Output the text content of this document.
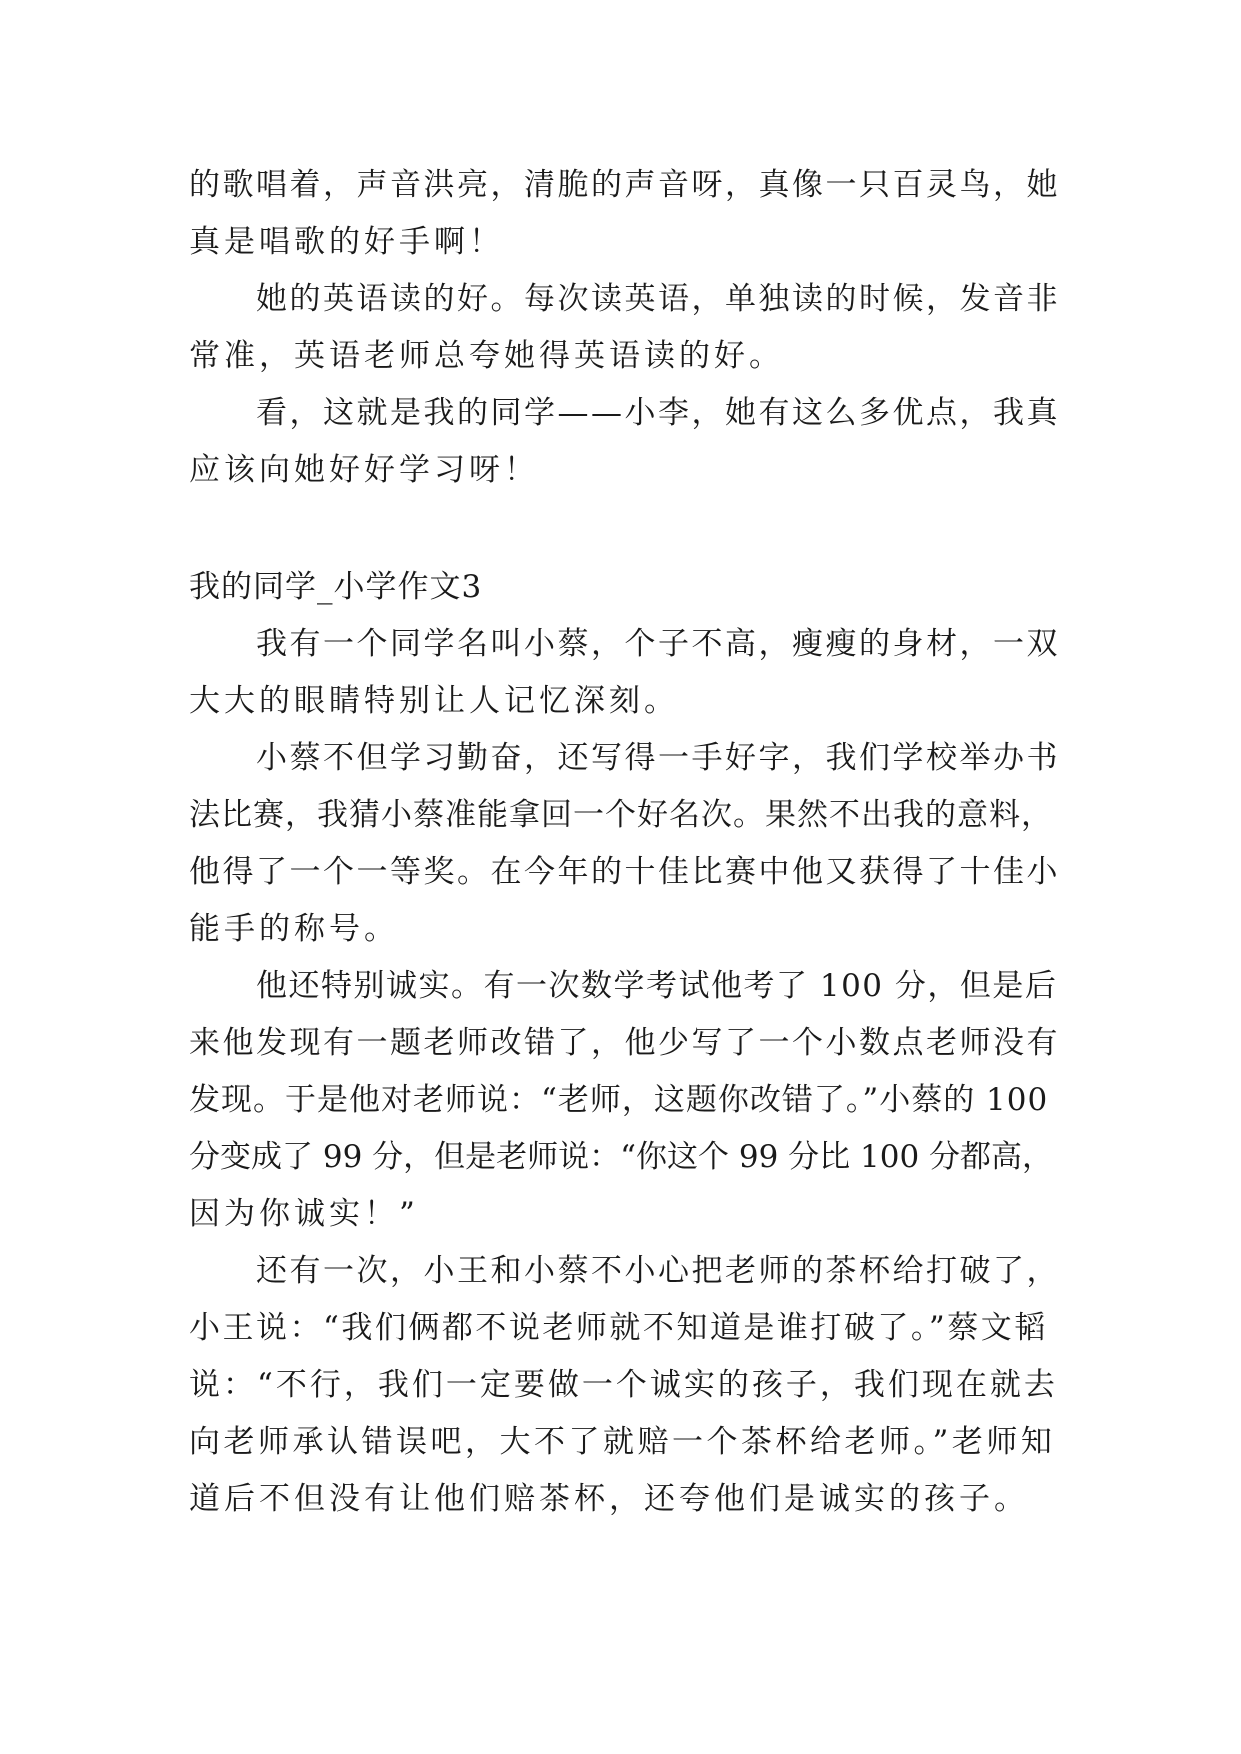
的歌唱着，声音洪亮，清脆的声音呀，真像一只百灵鸟，她
真是唱歌的好手啊！
她的英语读的好。每次读英语，单独读的时候，发音非
常准，英语老师总夸她得英语读的好。
看，这就是我的同学——小李，她有这么多优点，我真
应该向她好好学习呀！
我的同学_小学作文3
我有一个同学名叫小蔡，个子不高，瘦瘦的身材，一双
大大的眼睛特别让人记忆深刻。
小蔡不但学习勤奋，还写得一手好字，我们学校举办书
法比赛，我猜小蔡准能拿回一个好名次。果然不出我的意料，
他得了一个一等奖。在今年的十佳比赛中他又获得了十佳小
能手的称号。
他还特别诚实。有一次数学考试他考了 100 分，但是后
来他发现有一题老师改错了，他少写了一个小数点老师没有
发现。于是他对老师说：“老师，这题你改错了。”小蔡的 100
分变成了 99 分，但是老师说：“你这个 99 分比 100 分都高，
因为你诚实！”
还有一次，小王和小蔡不小心把老师的茶杯给打破了，
小王说：“我们俩都不说老师就不知道是谁打破了。”蔡文韬
说：“不行，我们一定要做一个诚实的孩子，我们现在就去
向老师承认错误吧，大不了就赔一个茶杯给老师。”老师知
道后不但没有让他们赔茶杯，还夸他们是诚实的孩子。
